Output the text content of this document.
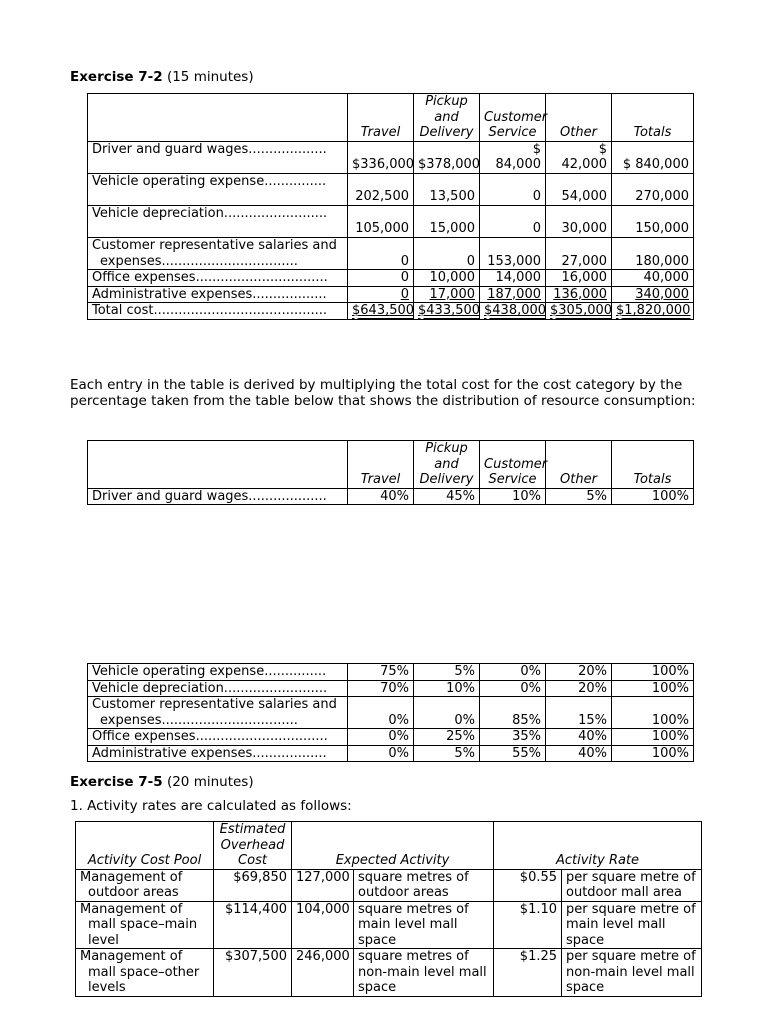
Exercise 7-2 (15 minutes)
	Travel	Pickup and Delivery	Customer Service	Other	Totals
Driver and guard wages...................	$336,000	$378,000	$ 84,000	$ 42,000	$ 840,000
Vehicle operating expense...............	202,500	13,500	0	54,000	270,000
Vehicle depreciation.........................	105,000	15,000	0	30,000	150,000
Customer representative salaries and expenses.................................	0	0	153,000	27,000	180,000
Office expenses................................	0	10,000	14,000	16,000	40,000
Administrative expenses..................	0	17,000	187,000	136,000	340,000
Total cost..........................................	$643,500	$433,500	$438,000	$305,000	$1,820,000
Each entry in the table is derived by multiplying the total cost for the cost category by the percentage taken from the table below that shows the distribution of resource consumption:
	Travel	Pickup and Delivery	Customer Service	Other	Totals
Driver and guard wages...................	40%	45%	10%	5%	100%
Vehicle operating expense...............	75%	5%	0%	20%	100%
Vehicle depreciation.........................	70%	10%	0%	20%	100%
Customer representative salaries and expenses.................................	0%	0%	85%	15%	100%
Office expenses................................	0%	25%	35%	40%	100%
Administrative expenses..................	0%	5%	55%	40%	100%
Exercise 7-5 (20 minutes)
1. Activity rates are calculated as follows:
Activity Cost Pool	Estimated Overhead Cost	Expected Activity		Activity Rate	
Management of outdoor areas	$69,850	127,000	square metres of outdoor areas	$0.55	per square metre of outdoor mall area
Management of mall space–main level	$114,400	104,000	square metres of main level mall space	$1.10	per square metre of main level mall space
Management of mall space–other levels	$307,500	246,000	square metres of non-main level mall space	$1.25	per square metre of non-main level mall space
